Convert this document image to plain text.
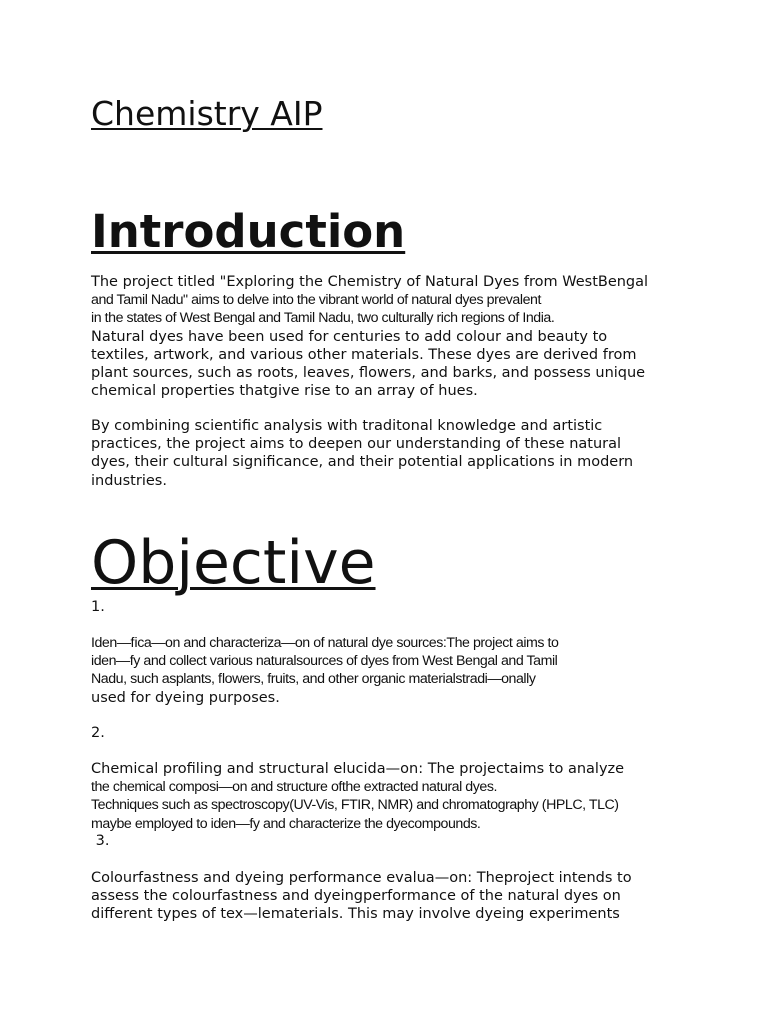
Chemistry AIP
Introduction
The project titled "Exploring the Chemistry of Natural Dyes from WestBengal
and Tamil Nadu" aims to delve into the vibrant world of natural dyes prevalent
in the states of West Bengal and Tamil Nadu, two culturally rich regions of India.
Natural dyes have been used for centuries to add colour and beauty to
textiles, artwork, and various other materials. These dyes are derived from
plant sources, such as roots, leaves, flowers, and barks, and possess unique
chemical properties thatgive rise to an array of hues.
By combining scientific analysis with traditonal knowledge and artistic
practices, the project aims to deepen our understanding of these natural
dyes, their cultural significance, and their potential applications in modern
industries.
Objective
1.
Iden—ﬁca—on and characteriza—on of natural dye sources:The project aims to
iden—fy and collect various naturalsources of dyes from West Bengal and Tamil
Nadu, such asplants, ﬂowers, fruits, and other organic materialstradi—onally
used for dyeing purposes.
2.
Chemical proﬁling and structural elucida—on: The projectaims to analyze
the chemical composi—on and structure ofthe extracted natural dyes.
Techniques such as spectroscopy(UV-Vis, FTIR, NMR) and chromatography (HPLC, TLC)
maybe employed to iden—fy and characterize the dyecompounds.
3.
Colourfastness and dyeing performance evalua—on: Theproject intends to
assess the colourfastness and dyeingperformance of the natural dyes on
diﬀerent types of tex—lematerials. This may involve dyeing experiments
